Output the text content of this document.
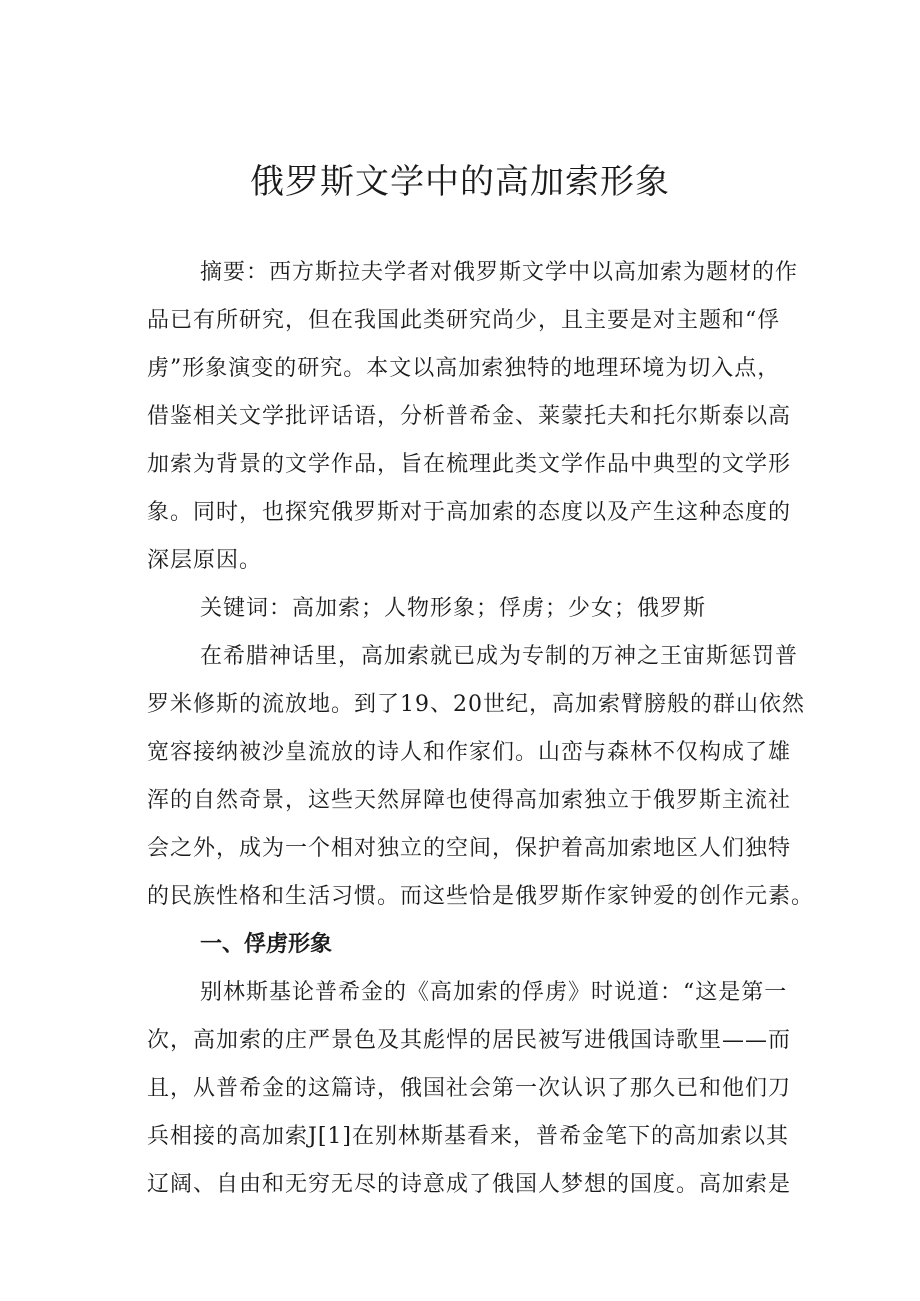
俄罗斯文学中的高加索形象

摘要：西方斯拉夫学者对俄罗斯文学中以高加索为题材的作

品已有所研究，但在我国此类研究尚少，且主要是对主题和“俘

虏”形象演变的研究。本文以高加索独特的地理环境为切入点，

借鉴相关文学批评话语，分析普希金、莱蒙托夫和托尔斯泰以高

加索为背景的文学作品，旨在梳理此类文学作品中典型的文学形

象。同时，也探究俄罗斯对于高加索的态度以及产生这种态度的

深层原因。

关键词：高加索；人物形象；俘虏；少女；俄罗斯

在希腊神话里，高加索就已成为专制的万神之王宙斯惩罚普

罗米修斯的流放地。到了19、20世纪，高加索臂膀般的群山依然

宽容接纳被沙皇流放的诗人和作家们。山峦与森林不仅构成了雄

浑的自然奇景，这些天然屏障也使得高加索独立于俄罗斯主流社

会之外，成为一个相对独立的空间，保护着高加索地区人们独特

的民族性格和生活习惯。而这些恰是俄罗斯作家钟爱的创作元素。

一、俘虏形象

别林斯基论普希金的《高加索的俘虏》时说道：“这是第一

次，高加索的庄严景色及其彪悍的居民被写进俄国诗歌里——而

且，从普希金的这篇诗，俄国社会第一次认识了那久已和他们刀

兵相接的高加索J[1]在别林斯基看来，普希金笔下的高加索以其

辽阔、自由和无穷无尽的诗意成了俄国人梦想的国度。高加索是
